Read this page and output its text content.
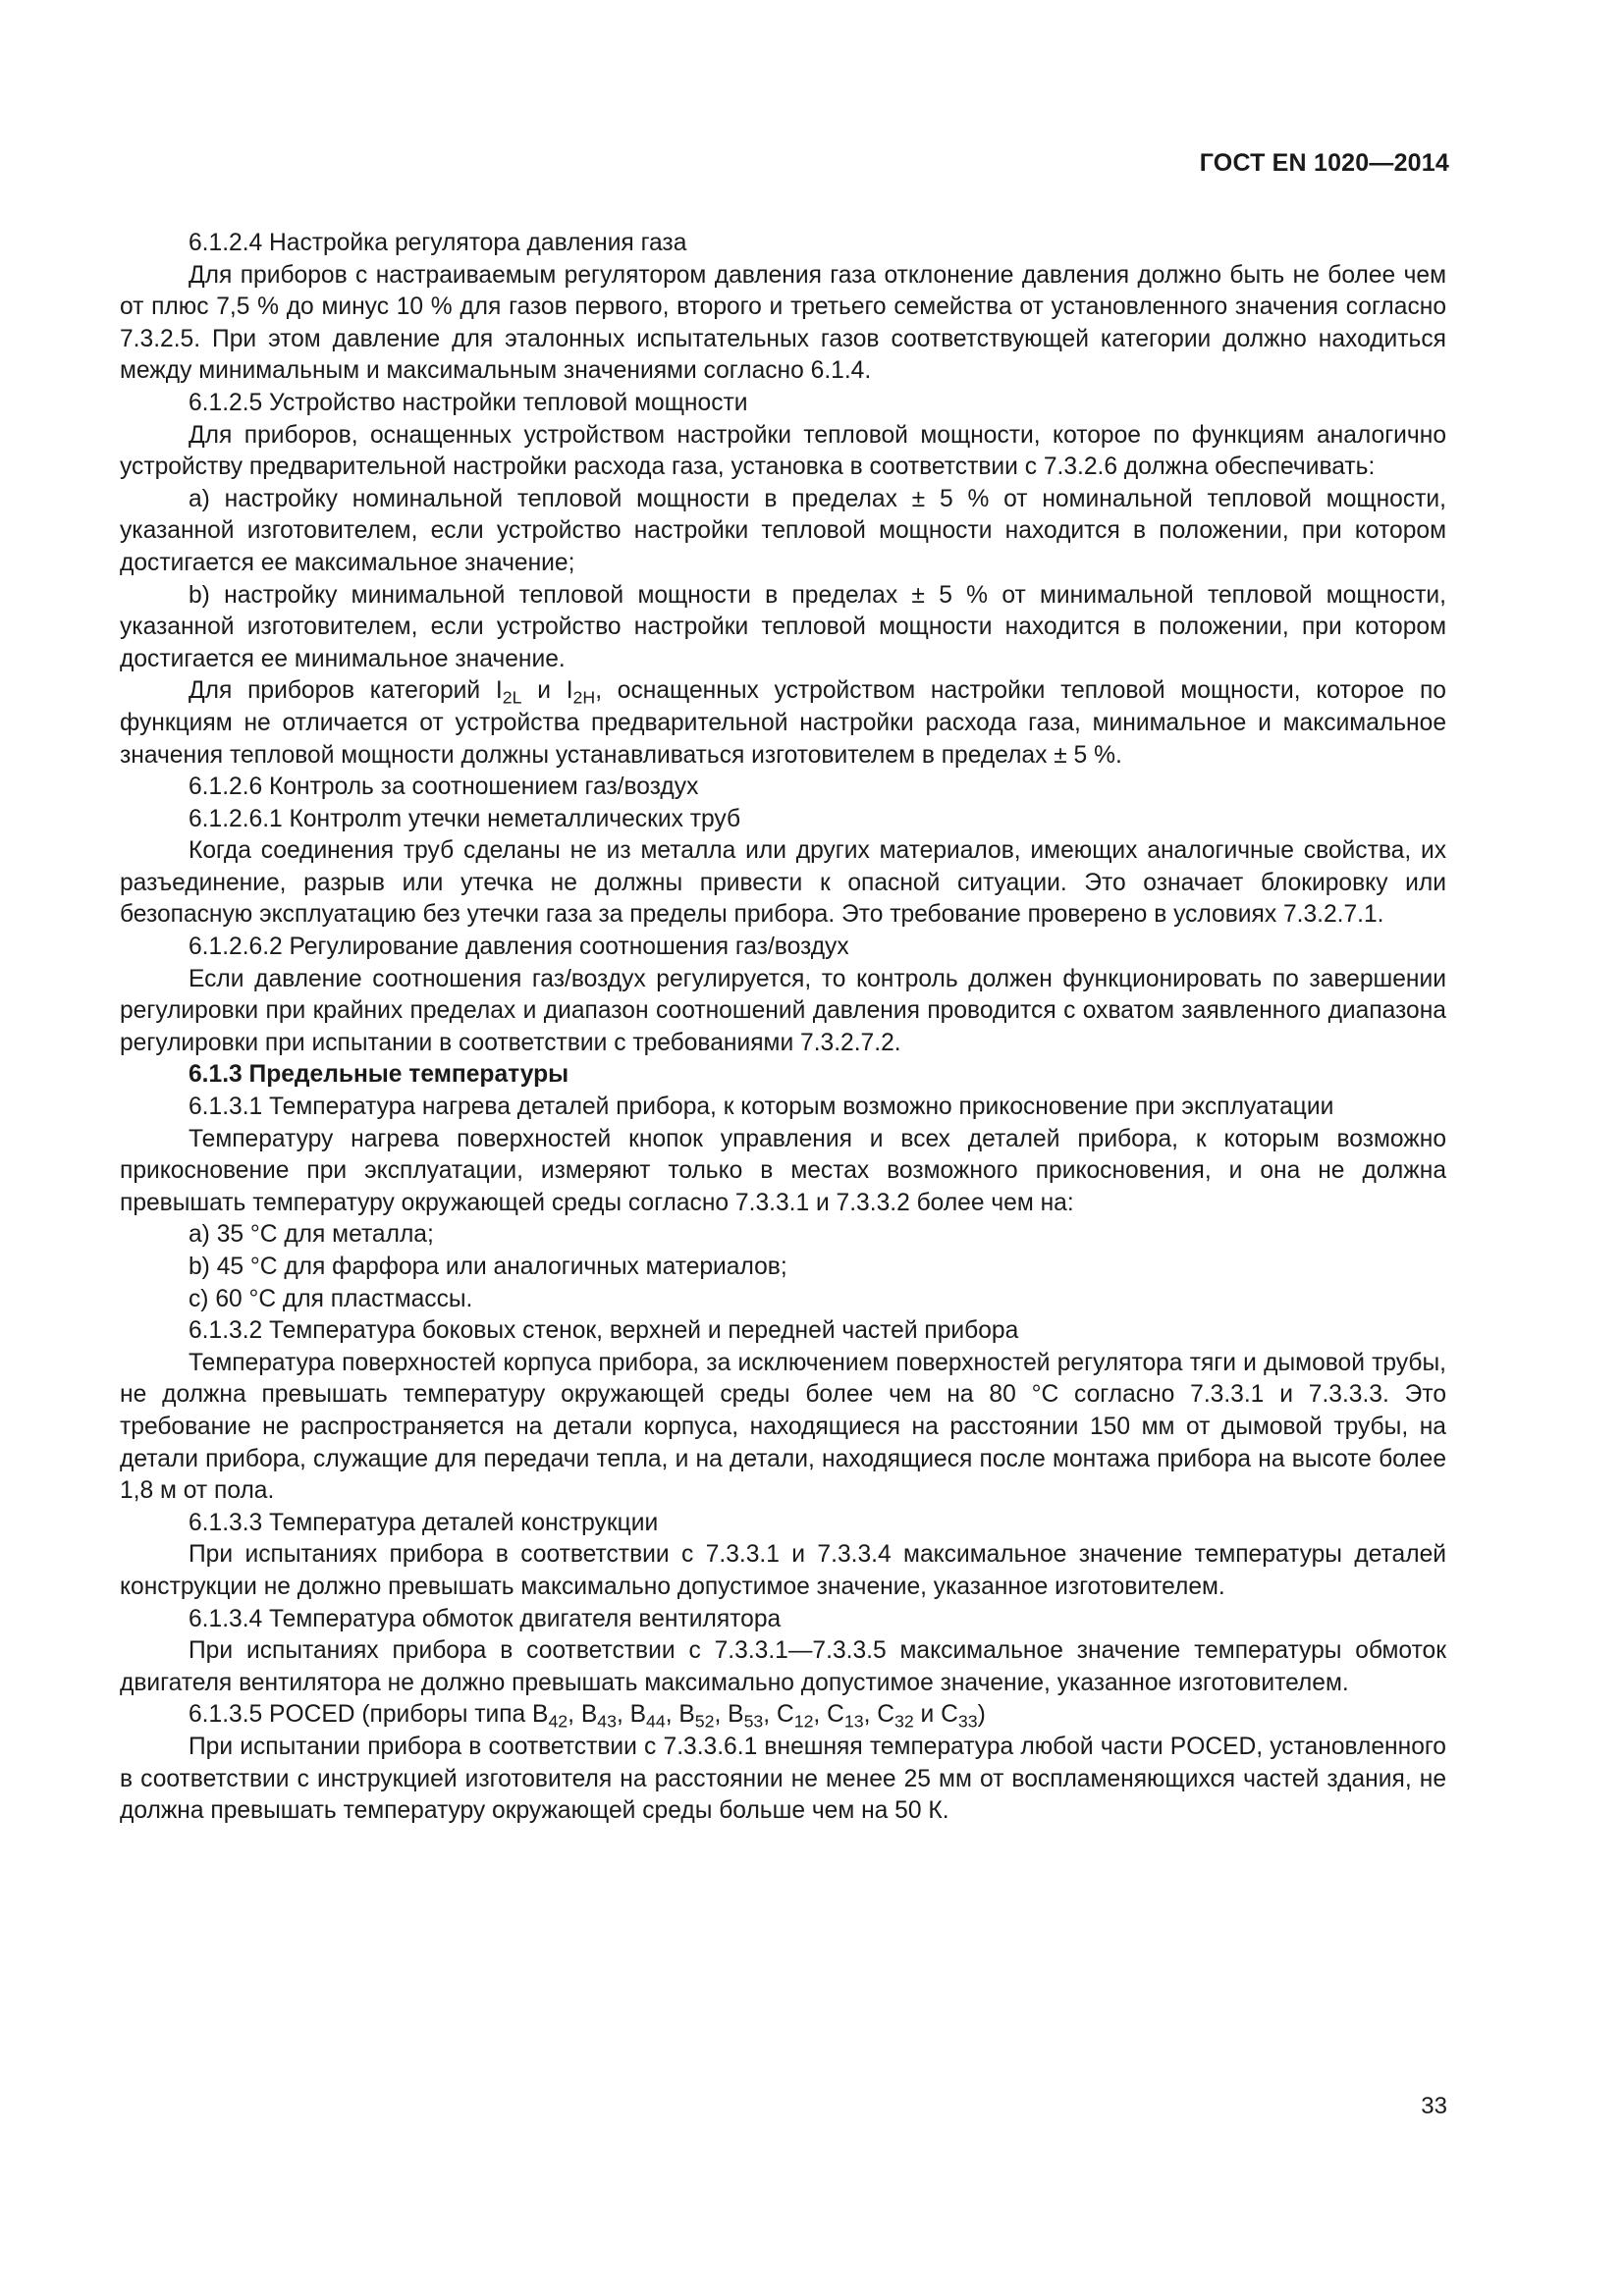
ГОСТ EN 1020—2014

6.1.2.4 Настройка регулятора давления газа

Для приборов с настраиваемым регулятором давления газа отклонение давления должно быть не более чем от плюс 7,5 % до минус 10 % для газов первого, второго и третьего семейства от установленного значения согласно 7.3.2.5. При этом давление для эталонных испытательных газов соответствующей категории должно находиться между минимальным и максимальным значениями согласно 6.1.4.

6.1.2.5 Устройство настройки тепловой мощности

Для приборов, оснащенных устройством настройки тепловой мощности, которое по функциям аналогично устройству предварительной настройки расхода газа, установка в соответствии с 7.3.2.6 должна обеспечивать:

a) настройку номинальной тепловой мощности в пределах ± 5 % от номинальной тепловой мощности, указанной изготовителем, если устройство настройки тепловой мощности находится в положении, при котором достигается ее максимальное значение;

b) настройку минимальной тепловой мощности в пределах ± 5 % от минимальной тепловой мощности, указанной изготовителем, если устройство настройки тепловой мощности находится в положении, при котором достигается ее минимальное значение.

Для приборов категорий $I_{2L}$ и $I_{2H}$, оснащенных устройством настройки тепловой мощности, которое по функциям не отличается от устройства предварительной настройки расхода газа, минимальное и максимальное значения тепловой мощности должны устанавливаться изготовителем в пределах ± 5 %.

6.1.2.6 Контроль за соотношением газ/воздух

6.1.2.6.1 Контролm утечки неметаллических труб

Когда соединения труб сделаны не из металла или других материалов, имеющих аналогичные свойства, их разъединение, разрыв или утечка не должны привести к опасной ситуации. Это означает блокировку или безопасную эксплуатацию без утечки газа за пределы прибора. Это требование проверено в условиях 7.3.2.7.1.

6.1.2.6.2 Регулирование давления соотношения газ/воздух

Если давление соотношения газ/воздух регулируется, то контроль должен функционировать по завершении регулировки при крайних пределах и диапазон соотношений давления проводится с охватом заявленного диапазона регулировки при испытании в соответствии с требованиями 7.3.2.7.2.

6.1.3 Предельные температуры

6.1.3.1 Температура нагрева деталей прибора, к которым возможно прикосновение при эксплуатации

Температуру нагрева поверхностей кнопок управления и всех деталей прибора, к которым возможно прикосновение при эксплуатации, измеряют только в местах возможного прикосновения, и она не должна превышать температуру окружающей среды согласно 7.3.3.1 и 7.3.3.2 более чем на:

a) 35 °С для металла;

b) 45 °С для фарфора или аналогичных материалов;

c) 60 °С для пластмассы.

6.1.3.2 Температура боковых стенок, верхней и передней частей прибора

Температура поверхностей корпуса прибора, за исключением поверхностей регулятора тяги и дымовой трубы, не должна превышать температуру окружающей среды более чем на 80 °С согласно 7.3.3.1 и 7.3.3.3. Это требование не распространяется на детали корпуса, находящиеся на расстоянии 150 мм от дымовой трубы, на детали прибора, служащие для передачи тепла, и на детали, находящиеся после монтажа прибора на высоте более 1,8 м от пола.

6.1.3.3 Температура деталей конструкции

При испытаниях прибора в соответствии с 7.3.3.1 и 7.3.3.4 максимальное значение температуры деталей конструкции не должно превышать максимально допустимое значение, указанное изготовителем.

6.1.3.4 Температура обмоток двигателя вентилятора

При испытаниях прибора в соответствии с 7.3.3.1—7.3.3.5 максимальное значение температуры обмоток двигателя вентилятора не должно превышать максимально допустимое значение, указанное изготовителем.

6.1.3.5 POCED (приборы типа $B_{42}$, $B_{43}$, $B_{44}$, $B_{52}$, $B_{53}$, $C_{12}$, $C_{13}$, $C_{32}$ и $C_{33}$)

При испытании прибора в соответствии с 7.3.3.6.1 внешняя температура любой части POCED, установленного в соответствии с инструкцией изготовителя на расстоянии не менее 25 мм от воспламеняющихся частей здания, не должна превышать температуру окружающей среды больше чем на 50 К.

33
